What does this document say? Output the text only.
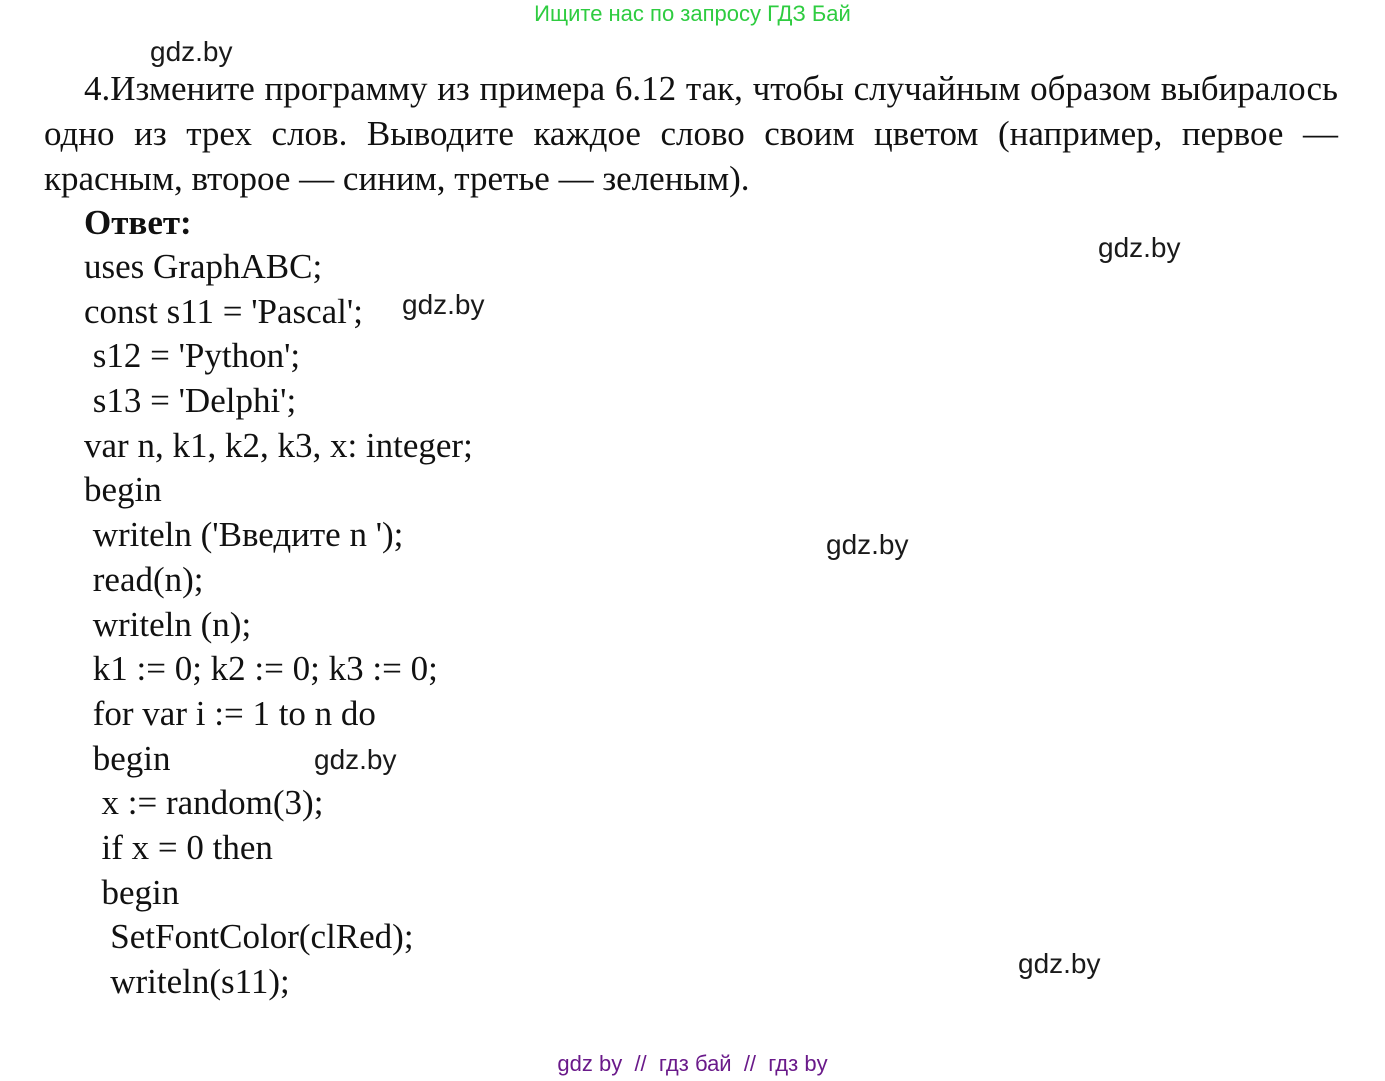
Ищите нас по запросу ГДЗ Бай
gdz.by
gdz.by
gdz.by
gdz.by
gdz.by
gdz.by

4.Измените программу из примера 6.12 так, чтобы случайным образом выбиралось одно из трех слов. Выводите каждое слово своим цветом (например, первое — красным, второе — синим, третье — зеленым).

Ответ:

uses GraphABC;
const s11 = 'Pascal';
s12 = 'Python';
s13 = 'Delphi';
var n, k1, k2, k3, x: integer;
begin
writeln ('Введите n ');
read(n);
writeln (n);
k1 := 0; k2 := 0; k3 := 0;
for var i := 1 to n do
begin
x := random(3);
if x = 0 then
begin
SetFontColor(clRed);
writeln(s11);
gdz by  //  гдз бай  //  гдз by
